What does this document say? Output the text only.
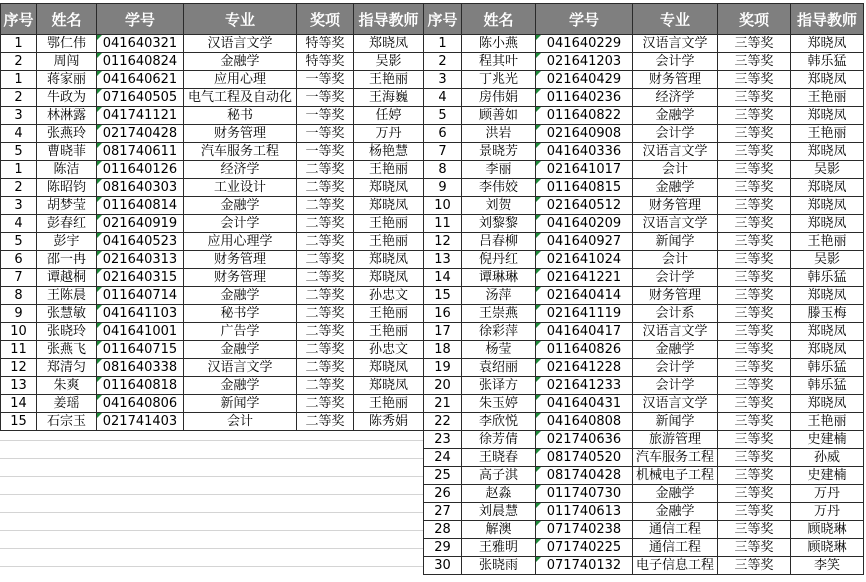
序号	姓名	学号	专业	奖项	指导教师
1	鄂仁伟	041640321	汉语言文学	特等奖	郑晓凤
2	周闯	011640824	金融学	特等奖	吴影
1	蒋家丽	041640621	应用心理	一等奖	王艳丽
2	牛政为	071640505	电气工程及自动化	一等奖	王海巍
3	林淋露	041741121	秘书	一等奖	任婷
4	张燕玲	021740428	财务管理	一等奖	万丹
5	曹晓菲	081740611	汽车服务工程	一等奖	杨艳慧
1	陈洁	011640126	经济学	二等奖	王艳丽
2	陈昭钧	081640303	工业设计	二等奖	郑晓凤
3	胡梦莹	011640814	金融学	二等奖	郑晓凤
4	彭春红	021640919	会计学	二等奖	王艳丽
5	彭宇	041640523	应用心理学	二等奖	王艳丽
6	邵一冉	021640313	财务管理	二等奖	郑晓凤
7	谭越桐	021640315	财务管理	二等奖	郑晓凤
8	王陈晨	011640714	金融学	二等奖	孙忠文
9	张慧敏	041641103	秘书学	二等奖	王艳丽
10	张晓玲	041641001	广告学	二等奖	王艳丽
11	张燕飞	011640715	金融学	二等奖	孙忠文
12	郑清匀	081640338	汉语言文学	二等奖	郑晓凤
13	朱爽	011640818	金融学	二等奖	郑晓凤
14	姜瑶	041640806	新闻学	二等奖	王艳丽
15	石宗玉	021741403	会计	二等奖	陈秀娟
序号	姓名	学号	专业	奖项	指导教师
1	陈小燕	041640229	汉语言文学	三等奖	郑晓凤
2	程其叶	021641203	会计学	三等奖	韩乐猛
3	丁兆光	021640429	财务管理	三等奖	郑晓凤
4	房伟娟	011640236	经济学	三等奖	王艳丽
5	顾善如	011640822	金融学	三等奖	郑晓凤
6	洪岩	021640908	会计学	三等奖	王艳丽
7	景晓芳	041640336	汉语言文学	三等奖	郑晓凤
8	李丽	021641017	会计	三等奖	吴影
9	李伟姣	011640815	金融学	三等奖	郑晓凤
10	刘贺	021640512	财务管理	三等奖	郑晓凤
11	刘黎黎	041640209	汉语言文学	三等奖	郑晓凤
12	吕春柳	041640927	新闻学	三等奖	王艳丽
13	倪丹红	021641024	会计	三等奖	吴影
14	谭琳琳	021641221	会计学	三等奖	韩乐猛
15	汤萍	021640414	财务管理	三等奖	郑晓凤
16	王崇燕	021641119	会计系	三等奖	滕玉梅
17	徐彩萍	041640417	汉语言文学	三等奖	郑晓凤
18	杨莹	011640826	金融学	三等奖	郑晓凤
19	袁绍丽	021641228	会计学	三等奖	韩乐猛
20	张译方	021641233	会计学	三等奖	韩乐猛
21	朱玉婷	041640431	汉语言文学	三等奖	郑晓凤
22	李欣悦	041640808	新闻学	三等奖	王艳丽
23	徐芳倩	021740636	旅游管理	三等奖	史建楠
24	王晓春	081740520	汽车服务工程	三等奖	孙威
25	高子淇	081740428	机械电子工程	三等奖	史建楠
26	赵淼	011740730	金融学	三等奖	万丹
27	刘晨慧	011740613	金融学	三等奖	万丹
28	解澳	071740238	通信工程	三等奖	顾晓琳
29	王雅明	071740225	通信工程	三等奖	顾晓琳
30	张晓雨	071740132	电子信息工程	三等奖	李笑
